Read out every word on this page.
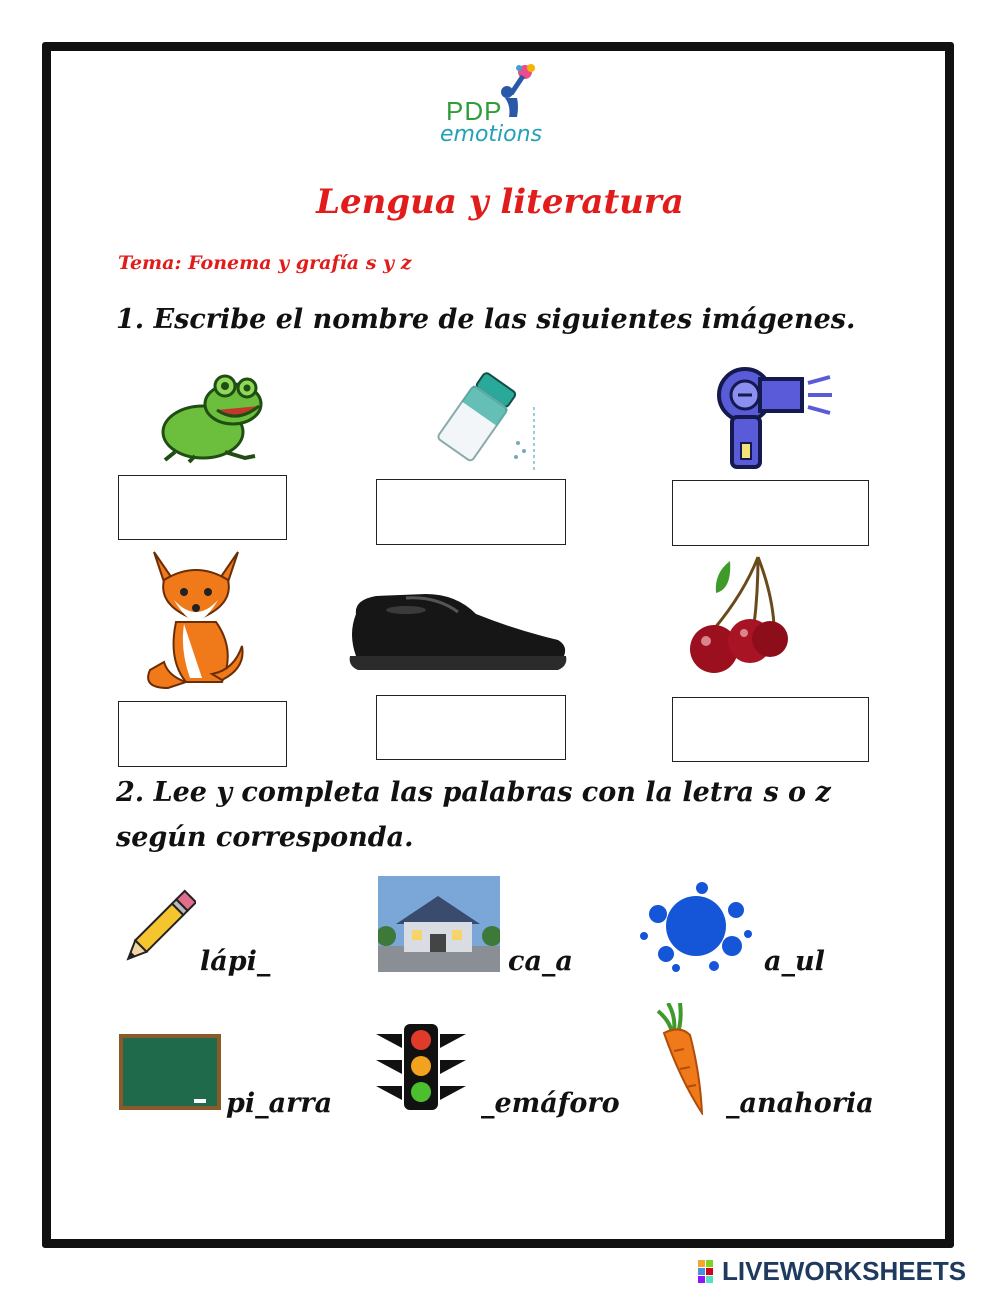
PDP
emotions
Lengua y literatura
Tema: Fonema y grafía s y z
1. Escribe el nombre de las siguientes imágenes.
2. Lee y completa las palabras con la letra s o z
según corresponda.
lápi_	ca_a	a_ul
pi_arra	_emáforo	_anahoria
LIVEWORKSHEETS
